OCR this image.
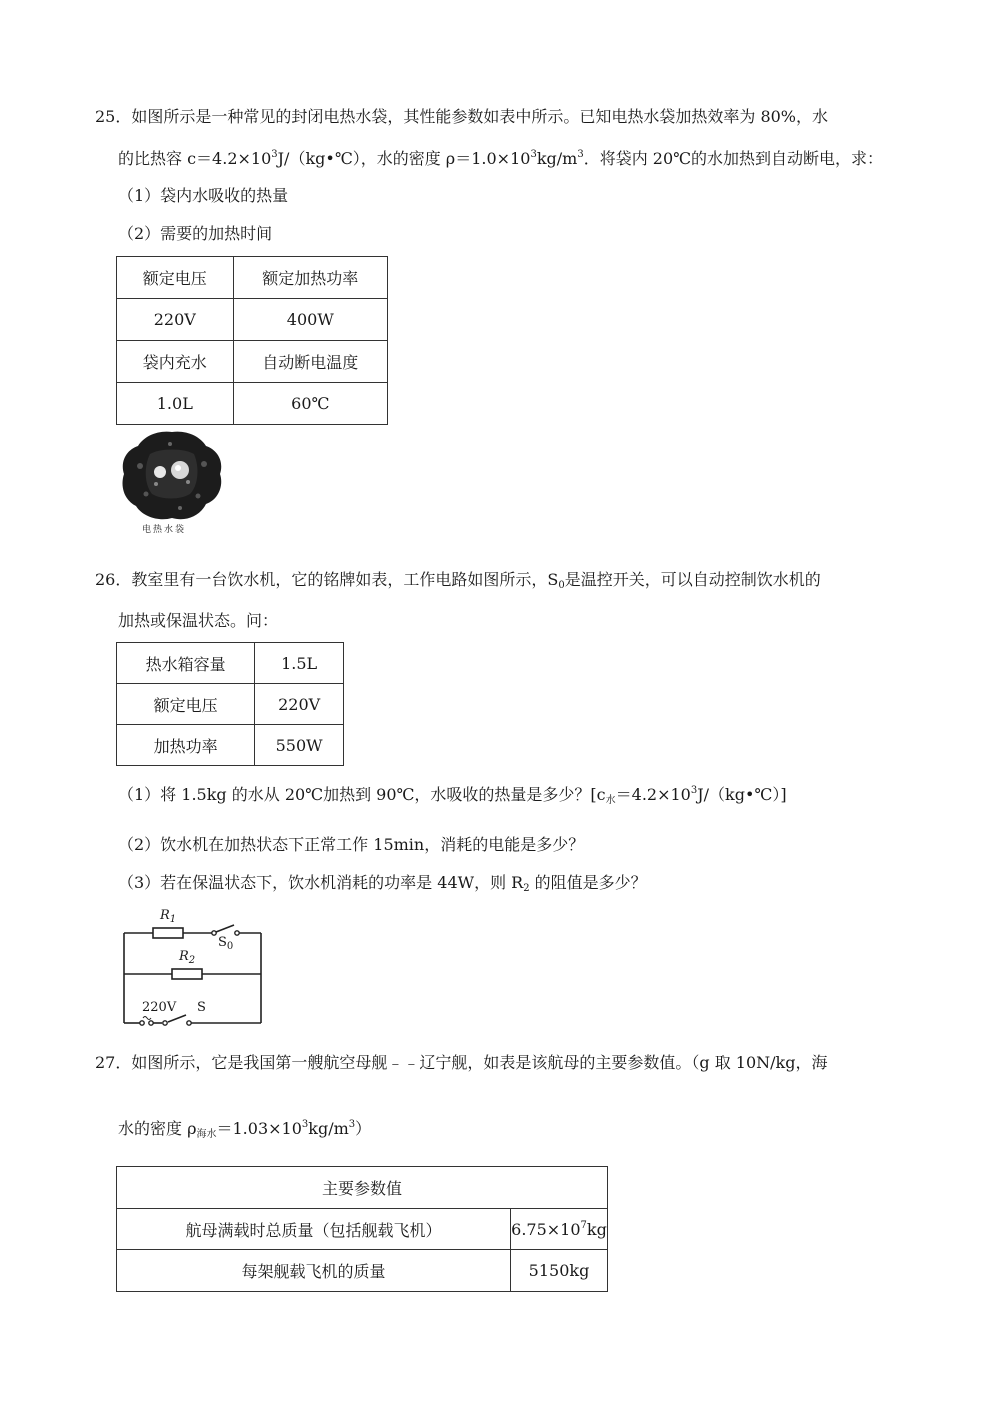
25．如图所示是一种常见的封闭电热水袋，其性能参数如表中所示。已知电热水袋加热效率为 80%，水
的比热容 $c=4.2\times 10^3J/(kg•℃)$，水的密度 $\rho=1.0\times 10^3kg/m^3$．将袋内 20℃的水加热到自动断电，求：
（1）袋内水吸收的热量
（2）需要的加热时间
额定电压	额定加热功率
220V	400W
袋内充水	自动断电温度
1.0L	60℃
电热水袋
26．教室里有一台饮水机，它的铭牌如表，工作电路如图所示，$S_0$是温控开关，可以自动控制饮水机的
加热或保温状态。问：
热水箱容量	1.5L
额定电压	220V
加热功率	550W
（1）将 1.5kg 的水从 20℃加热到 90℃，水吸收的热量是多少？$[c_水=4.2\times 10^3J/(kg•℃)]$
（2）饮水机在加热状态下正常工作 15min，消耗的电能是多少？
（3）若在保温状态下，饮水机消耗的功率是 44W，则 $R_2$ 的阻值是多少？
$R_1$
$S_0$
$R_2$
220V S
27．如图所示，它是我国第一艘航空母舰﹣﹣辽宁舰，如表是该航母的主要参数值。（g 取 10N/kg，海
水的密度 $\rho_{海水}=1.03\times 10^3kg/m^3$）
主要参数值	
航母满载时总质量（包括舰载飞机）	$6.75\times 10^7kg$
每架舰载飞机的质量	5150kg
